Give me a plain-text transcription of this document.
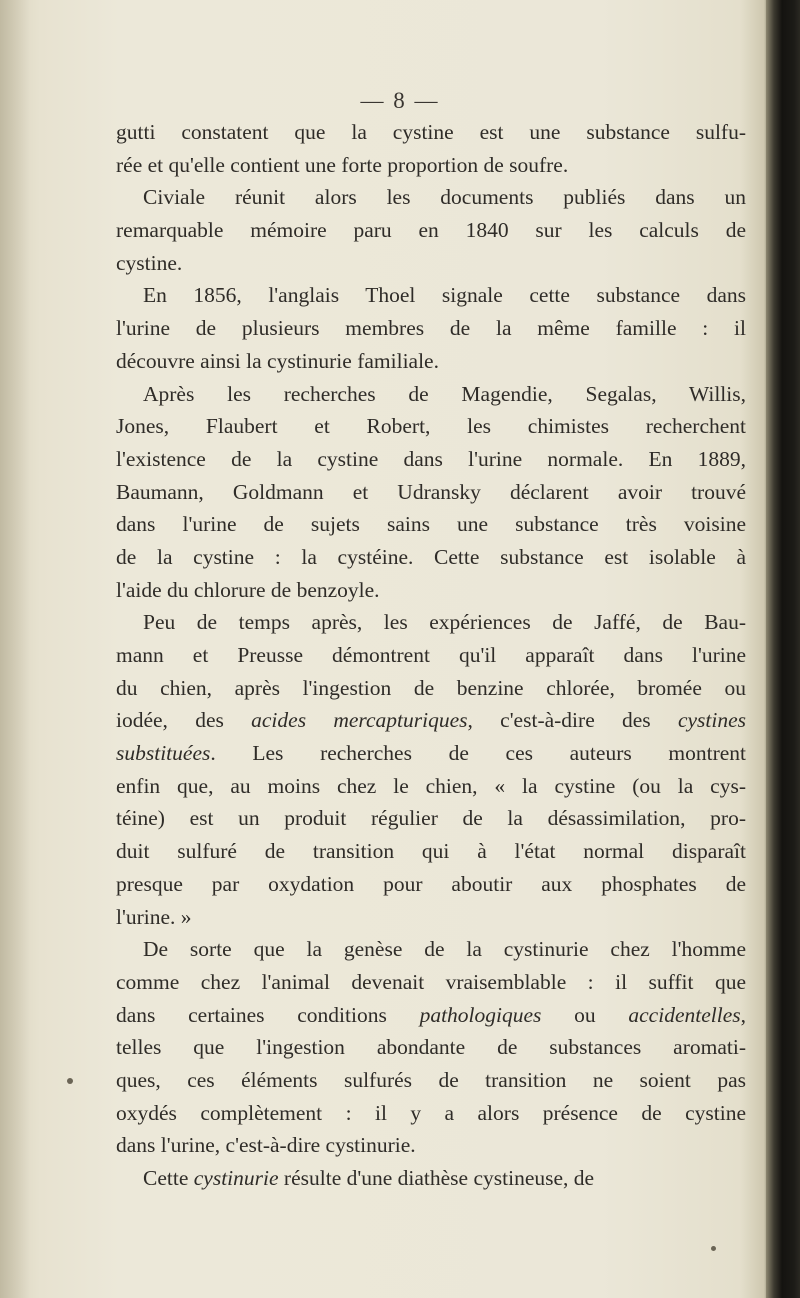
— 8 —
gutti constatent que la cystine est une substance sulfu-
rée et qu'elle contient une forte proportion de soufre.
Civiale réunit alors les documents publiés dans un
remarquable mémoire paru en 1840 sur les calculs de
cystine.
En 1856, l'anglais Thoel signale cette substance dans
l'urine de plusieurs membres de la même famille : il
découvre ainsi la cystinurie familiale.
Après les recherches de Magendie, Segalas, Willis,
Jones, Flaubert et Robert, les chimistes recherchent
l'existence de la cystine dans l'urine normale. En 1889,
Baumann, Goldmann et Udransky déclarent avoir trouvé
dans l'urine de sujets sains une substance très voisine
de la cystine : la cystéine. Cette substance est isolable à
l'aide du chlorure de benzoyle.
Peu de temps après, les expériences de Jaffé, de Bau-
mann et Preusse démontrent qu'il apparaît dans l'urine
du chien, après l'ingestion de benzine chlorée, bromée ou
iodée, des acides mercapturiques, c'est-à-dire des cystines
substituées. Les recherches de ces auteurs montrent
enfin que, au moins chez le chien, « la cystine (ou la cys-
téine) est un produit régulier de la désassimilation, pro-
duit sulfuré de transition qui à l'état normal disparaît
presque par oxydation pour aboutir aux phosphates de
l'urine. »
De sorte que la genèse de la cystinurie chez l'homme
comme chez l'animal devenait vraisemblable : il suffit que
dans certaines conditions pathologiques ou accidentelles,
telles que l'ingestion abondante de substances aromati-
ques, ces éléments sulfurés de transition ne soient pas
oxydés complètement : il y a alors présence de cystine
dans l'urine, c'est-à-dire cystinurie.
Cette cystinurie résulte d'une diathèse cystineuse, de
